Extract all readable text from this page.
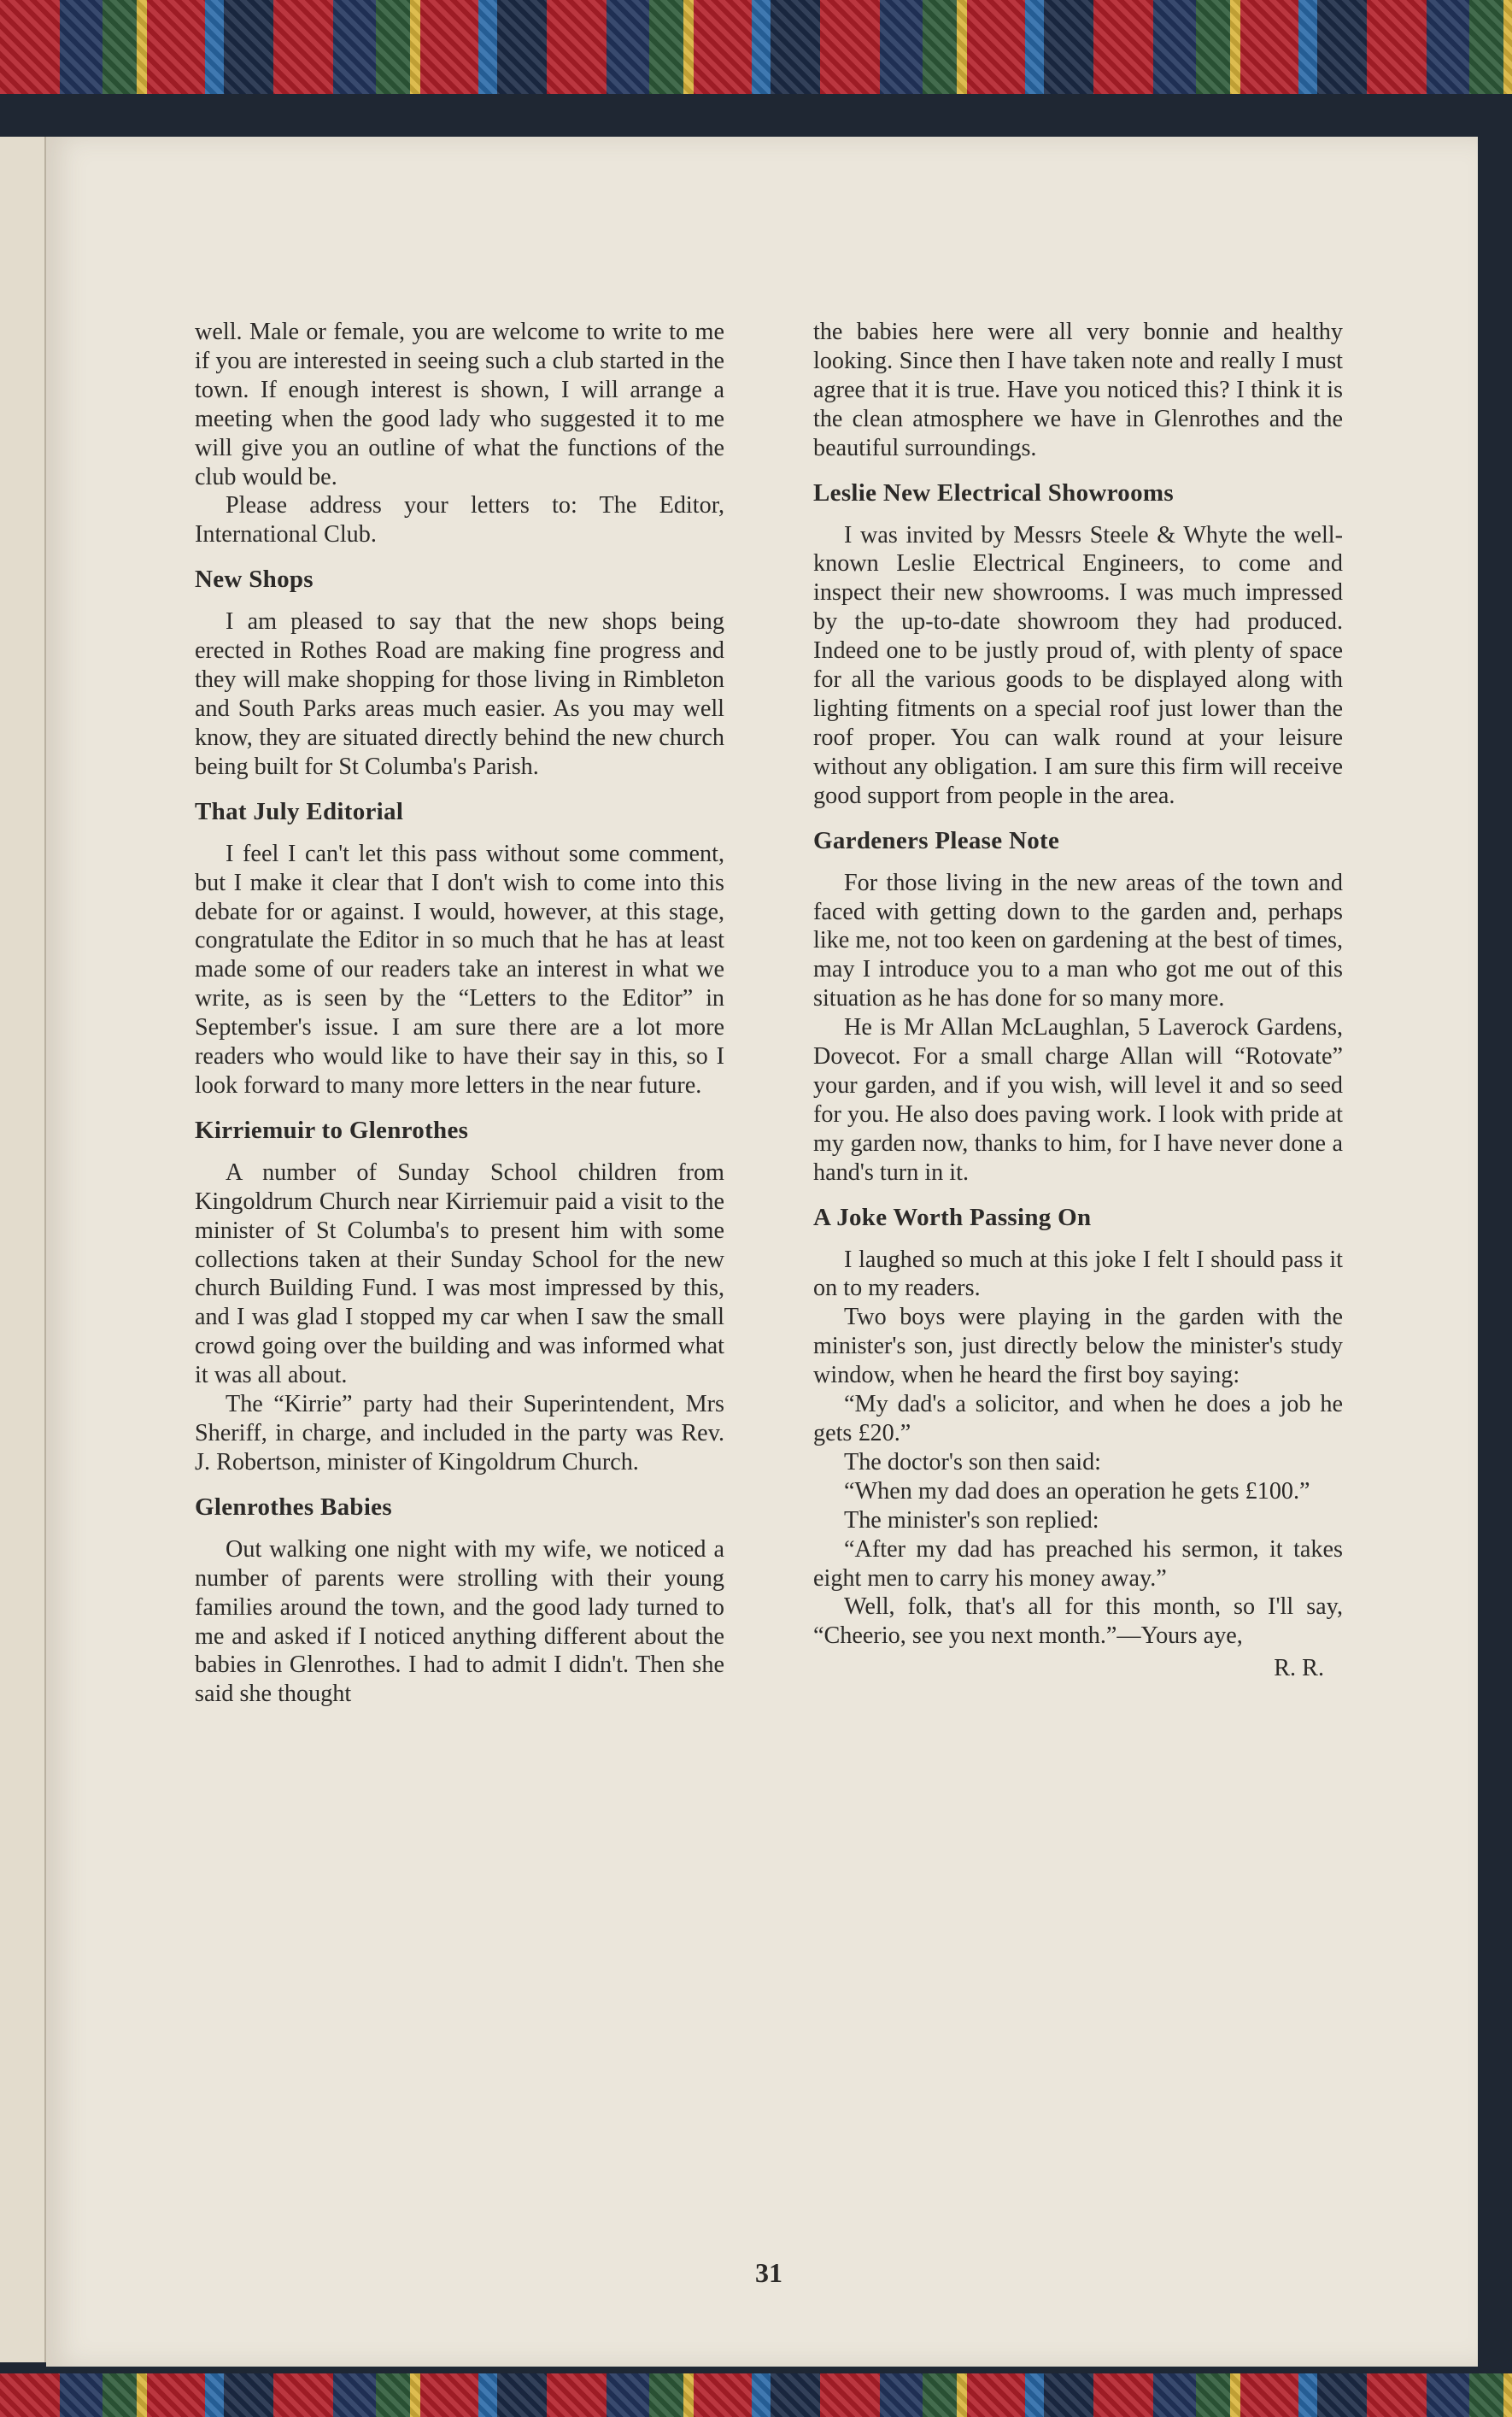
well. Male or female, you are welcome to write to me if you are interested in seeing such a club started in the town. If enough interest is shown, I will arrange a meeting when the good lady who suggested it to me will give you an outline of what the functions of the club would be.

Please address your letters to: The Editor, International Club.

New Shops

I am pleased to say that the new shops being erected in Rothes Road are making fine progress and they will make shopping for those living in Rimbleton and South Parks areas much easier. As you may well know, they are situated directly behind the new church being built for St Columba's Parish.

That July Editorial

I feel I can't let this pass without some comment, but I make it clear that I don't wish to come into this debate for or against. I would, however, at this stage, congratulate the Editor in so much that he has at least made some of our readers take an interest in what we write, as is seen by the “Letters to the Editor” in September's issue. I am sure there are a lot more readers who would like to have their say in this, so I look forward to many more letters in the near future.

Kirriemuir to Glenrothes

A number of Sunday School children from Kingoldrum Church near Kirriemuir paid a visit to the minister of St Columba's to present him with some collections taken at their Sunday School for the new church Building Fund. I was most impressed by this, and I was glad I stopped my car when I saw the small crowd going over the building and was informed what it was all about.

The “Kirrie” party had their Superintendent, Mrs Sheriff, in charge, and included in the party was Rev. J. Robertson, minister of Kingoldrum Church.

Glenrothes Babies

Out walking one night with my wife, we noticed a number of parents were strolling with their young families around the town, and the good lady turned to me and asked if I noticed anything different about the babies in Glenrothes. I had to admit I didn't. Then she said she thought

the babies here were all very bonnie and healthy looking. Since then I have taken note and really I must agree that it is true. Have you noticed this? I think it is the clean atmosphere we have in Glenrothes and the beautiful surroundings.

Leslie New Electrical Showrooms

I was invited by Messrs Steele & Whyte the well-known Leslie Electrical Engineers, to come and inspect their new showrooms. I was much impressed by the up-to-date showroom they had produced. Indeed one to be justly proud of, with plenty of space for all the various goods to be displayed along with lighting fitments on a special roof just lower than the roof proper. You can walk round at your leisure without any obligation. I am sure this firm will receive good support from people in the area.

Gardeners Please Note

For those living in the new areas of the town and faced with getting down to the garden and, perhaps like me, not too keen on gardening at the best of times, may I introduce you to a man who got me out of this situation as he has done for so many more.

He is Mr Allan McLaughlan, 5 Laverock Gardens, Dovecot. For a small charge Allan will “Rotovate” your garden, and if you wish, will level it and so seed for you. He also does paving work. I look with pride at my garden now, thanks to him, for I have never done a hand's turn in it.

A Joke Worth Passing On

I laughed so much at this joke I felt I should pass it on to my readers.

Two boys were playing in the garden with the minister's son, just directly below the minister's study window, when he heard the first boy saying:

“My dad's a solicitor, and when he does a job he gets £20.”

The doctor's son then said:

“When my dad does an operation he gets £100.”

The minister's son replied:

“After my dad has preached his sermon, it takes eight men to carry his money away.”

Well, folk, that's all for this month, so I'll say, “Cheerio, see you next month.”—Yours aye,

R. R.

31
